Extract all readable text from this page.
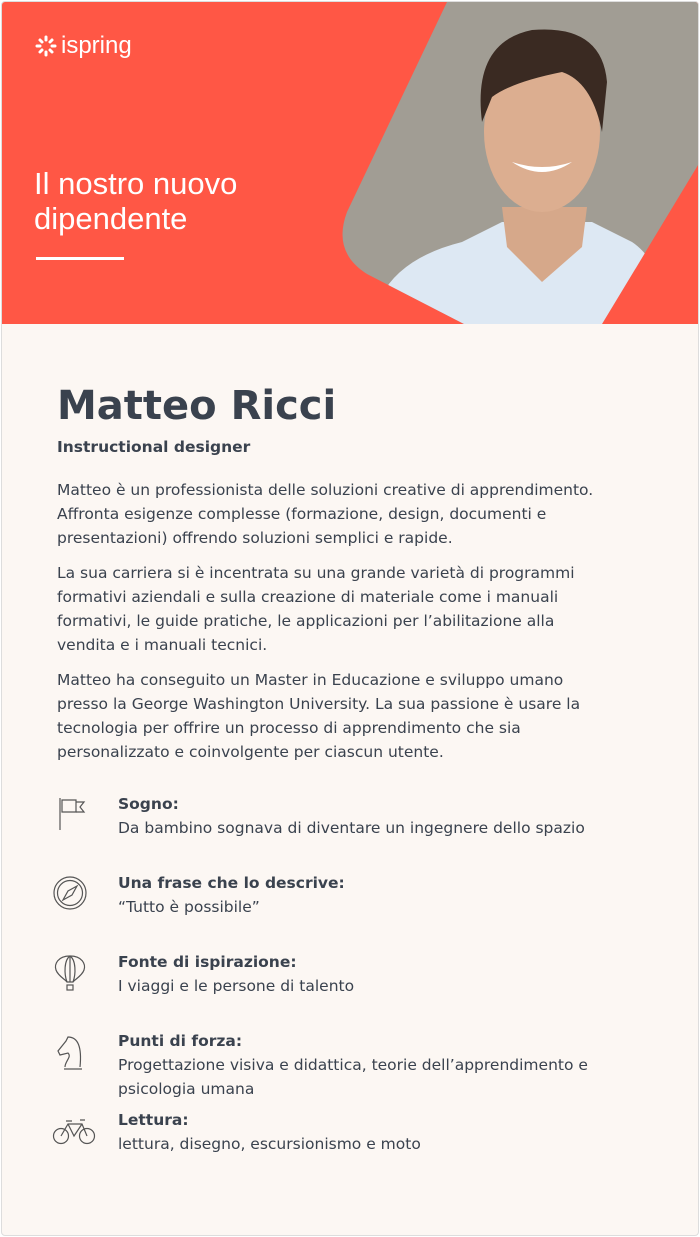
ispring
Il nostro nuovo
dipendente
Matteo Ricci
Instructional designer

Matteo è un professionista delle soluzioni creative di apprendimento. Affronta esigenze complesse (formazione, design, documenti e presentazioni) offrendo soluzioni semplici e rapide.

La sua carriera si è incentrata su una grande varietà di programmi formativi aziendali e sulla creazione di materiale come i manuali formativi, le guide pratiche, le applicazioni per l’abilitazione alla vendita e i manuali tecnici.

Matteo ha conseguito un Master in Educazione e sviluppo umano presso la George Washington University. La sua passione è usare la tecnologia per offrire un processo di apprendimento che sia personalizzato e coinvolgente per ciascun utente.

Sogno:
Da bambino sognava di diventare un ingegnere dello spazio
Una frase che lo descrive:
“Tutto è possibile”
Fonte di ispirazione:
I viaggi e le persone di talento
Punti di forza:
Progettazione visiva e didattica, teorie dell’apprendimento e psicologia umana
Lettura:
lettura, disegno, escursionismo e moto
